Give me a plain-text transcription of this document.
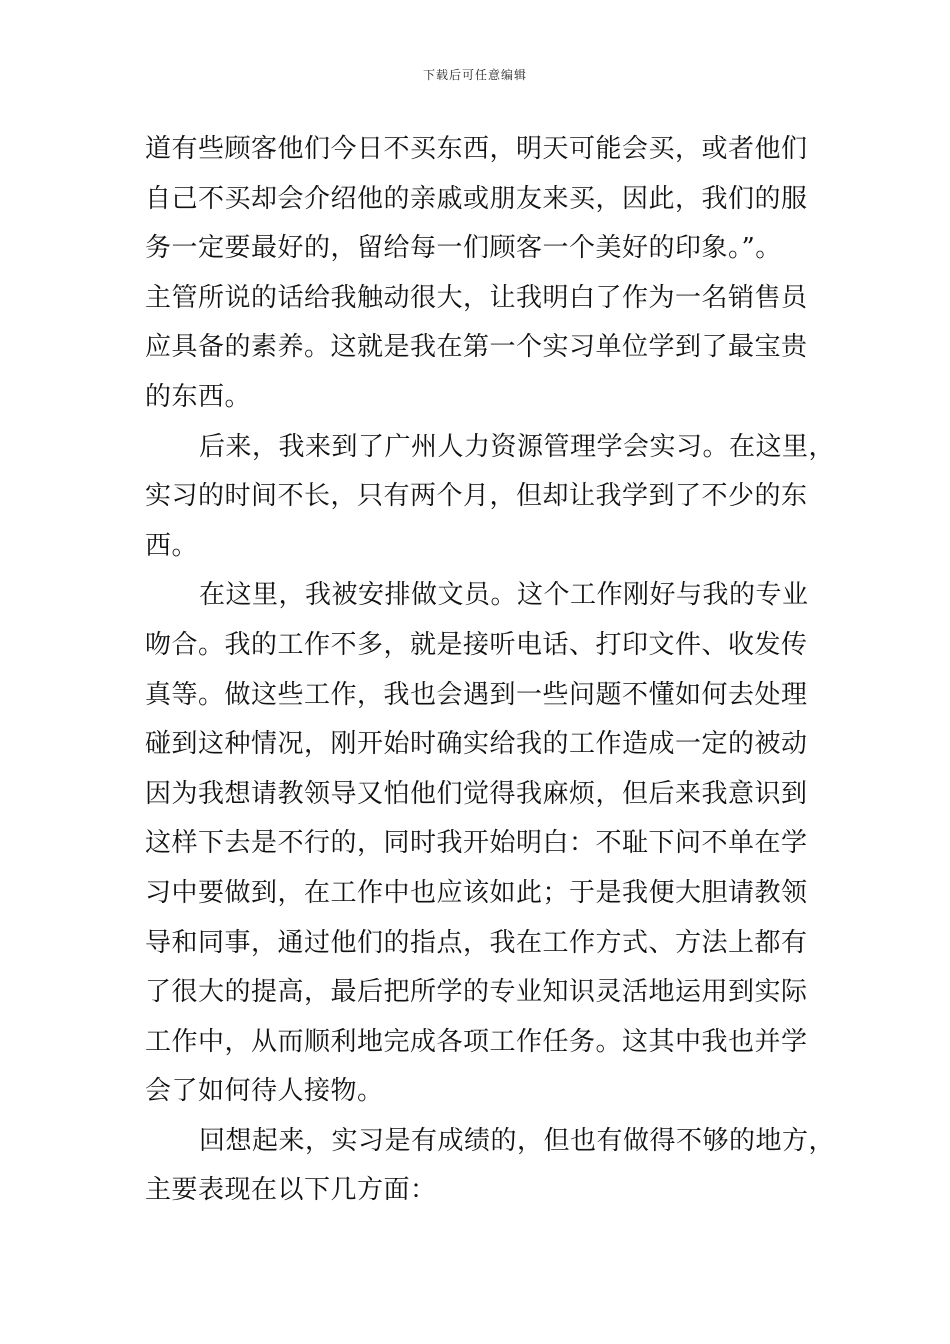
下载后可任意编辑
道有些顾客他们今日不买东西，明天可能会买，或者他们
自己不买却会介绍他的亲戚或朋友来买，因此，我们的服
务一定要最好的，留给每一们顾客一个美好的印象。”。
主管所说的话给我触动很大，让我明白了作为一名销售员
应具备的素养。这就是我在第一个实习单位学到了最宝贵
的东西。
后来，我来到了广州人力资源管理学会实习。在这里，
实习的时间不长，只有两个月，但却让我学到了不少的东
西。
在这里，我被安排做文员。这个工作刚好与我的专业
吻合。我的工作不多，就是接听电话、打印文件、收发传
真等。做这些工作，我也会遇到一些问题不懂如何去处理
碰到这种情况，刚开始时确实给我的工作造成一定的被动
因为我想请教领导又怕他们觉得我麻烦，但后来我意识到
这样下去是不行的，同时我开始明白：不耻下问不单在学
习中要做到，在工作中也应该如此；于是我便大胆请教领
导和同事，通过他们的指点，我在工作方式、方法上都有
了很大的提高，最后把所学的专业知识灵活地运用到实际
工作中，从而顺利地完成各项工作任务。这其中我也并学
会了如何待人接物。
回想起来，实习是有成绩的，但也有做得不够的地方，
主要表现在以下几方面：
